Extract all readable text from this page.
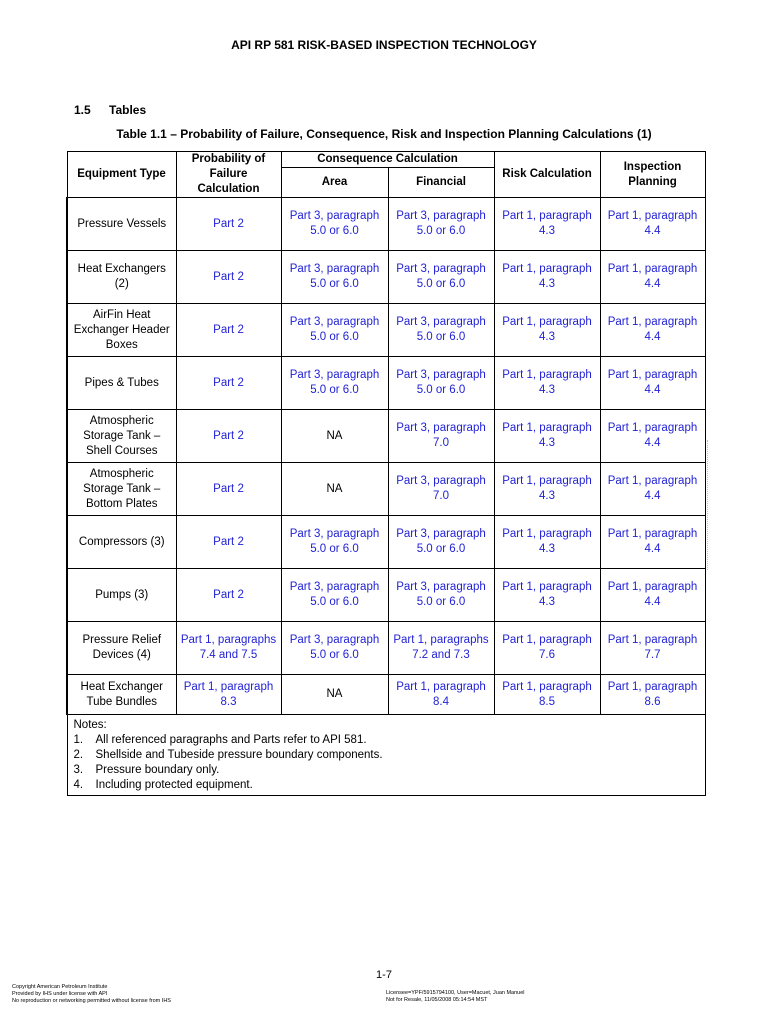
API RP 581 RISK-BASED INSPECTION TECHNOLOGY
1.5 Tables
Table 1.1 – Probability of Failure, Consequence, Risk and Inspection Planning Calculations (1)
Equipment Type	Probability of Failure Calculation	Consequence Calculation		Risk Calculation	Inspection Planning
		Area	Financial		
Pressure Vessels	Part 2	Part 3, paragraph 5.0 or 6.0	Part 3, paragraph 5.0 or 6.0	Part 1, paragraph 4.3	Part 1, paragraph 4.4
Heat Exchangers (2)	Part 2	Part 3, paragraph 5.0 or 6.0	Part 3, paragraph 5.0 or 6.0	Part 1, paragraph 4.3	Part 1, paragraph 4.4
AirFin Heat Exchanger Header Boxes	Part 2	Part 3, paragraph 5.0 or 6.0	Part 3, paragraph 5.0 or 6.0	Part 1, paragraph 4.3	Part 1, paragraph 4.4
Pipes & Tubes	Part 2	Part 3, paragraph 5.0 or 6.0	Part 3, paragraph 5.0 or 6.0	Part 1, paragraph 4.3	Part 1, paragraph 4.4
Atmospheric Storage Tank – Shell Courses	Part 2	NA	Part 3, paragraph 7.0	Part 1, paragraph 4.3	Part 1, paragraph 4.4
Atmospheric Storage Tank – Bottom Plates	Part 2	NA	Part 3, paragraph 7.0	Part 1, paragraph 4.3	Part 1, paragraph 4.4
Compressors (3)	Part 2	Part 3, paragraph 5.0 or 6.0	Part 3, paragraph 5.0 or 6.0	Part 1, paragraph 4.3	Part 1, paragraph 4.4
Pumps (3)	Part 2	Part 3, paragraph 5.0 or 6.0	Part 3, paragraph 5.0 or 6.0	Part 1, paragraph 4.3	Part 1, paragraph 4.4
Pressure Relief Devices (4)	Part 1, paragraphs 7.4 and 7.5	Part 3, paragraph 5.0 or 6.0	Part 1, paragraphs 7.2 and 7.3	Part 1, paragraph 7.6	Part 1, paragraph 7.7
Heat Exchanger Tube Bundles	Part 1, paragraph 8.3	NA	Part 1, paragraph 8.4	Part 1, paragraph 8.5	Part 1, paragraph 8.6

Notes:
1. All referenced paragraphs and Parts refer to API 581.
2. Shellside and Tubeside pressure boundary components.
3. Pressure boundary only.
4. Including protected equipment.					
1-7
Copyright American Petroleum Institute
Provided by IHS under license with API
No reproduction or networking permitted without license from IHS
Licensee=YPF/5915794100, User=Macuet, Juan Manuel
Not for Resale, 11/05/2008 05:14:54 MST
